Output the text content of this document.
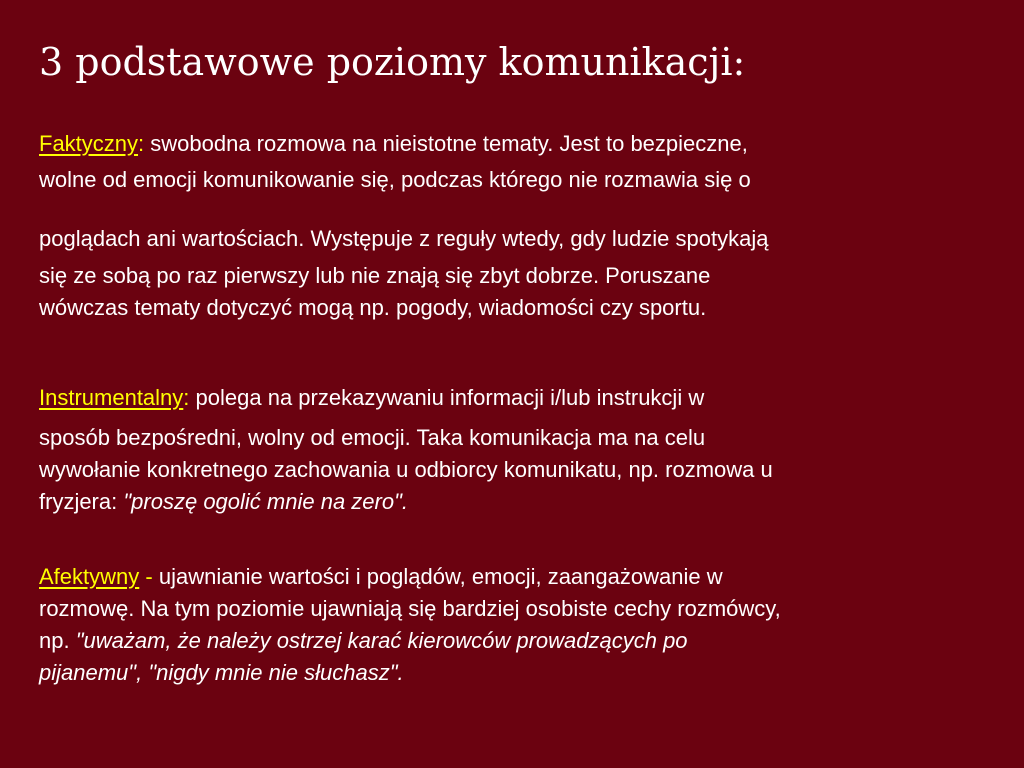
3 podstawowe poziomy komunikacji:
Faktyczny: swobodna rozmowa na nieistotne tematy. Jest to bezpieczne,
wolne od emocji komunikowanie się, podczas którego nie rozmawia się o
poglądach ani wartościach. Występuje z reguły wtedy, gdy ludzie spotykają
się ze sobą po raz pierwszy lub nie znają się zbyt dobrze. Poruszane
wówczas tematy dotyczyć mogą np. pogody, wiadomości czy sportu.
Instrumentalny: polega na przekazywaniu informacji i/lub instrukcji w
sposób bezpośredni, wolny od emocji. Taka komunikacja ma na celu
wywołanie konkretnego zachowania u odbiorcy komunikatu, np. rozmowa u
fryzjera: "proszę ogolić mnie na zero".
Afektywny - ujawnianie wartości i poglądów, emocji, zaangażowanie w
rozmowę. Na tym poziomie ujawniają się bardziej osobiste cechy rozmówcy,
np. "uważam, że należy ostrzej karać kierowców prowadzących po
pijanemu", "nigdy mnie nie słuchasz".
